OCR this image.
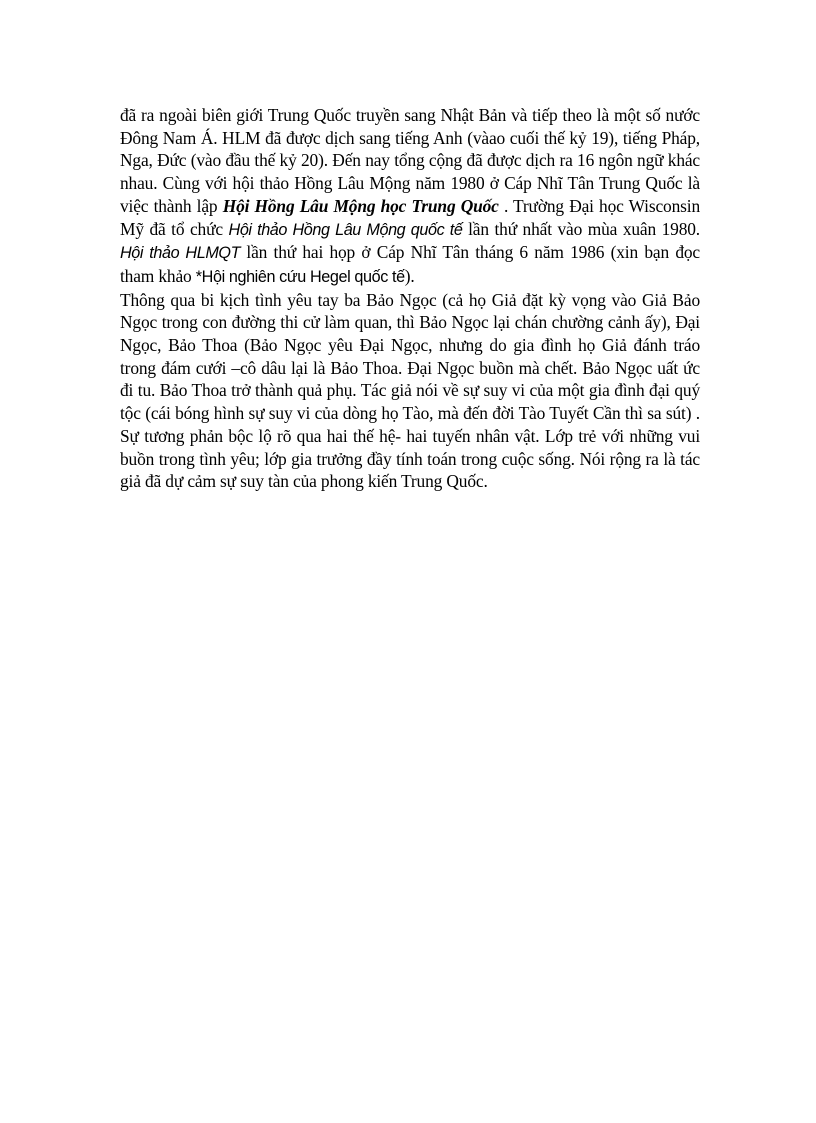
đã ra ngoài biên giới Trung Quốc truyền sang Nhật Bản và tiếp theo là một số nước Đông Nam Á. HLM đã được dịch sang tiếng Anh (vàao cuối thế kỷ 19), tiếng Pháp, Nga, Đức (vào đầu thế kỷ 20). Đến nay tổng cộng đã được dịch ra 16 ngôn ngữ khác nhau. Cùng với hội thảo Hồng Lâu Mộng năm 1980 ở Cáp Nhĩ Tân Trung Quốc là việc thành lập Hội Hồng Lâu Mộng học Trung Quốc . Trường Đại học Wisconsin Mỹ đã tổ chức Hội thảo Hồng Lâu Mộng quốc tế lần thứ nhất vào mùa xuân 1980. Hội thảo HLMQT lần thứ hai họp ở Cáp Nhĩ Tân tháng 6 năm 1986 (xin bạn đọc tham khảo *Hội nghiên cứu Hegel quốc tế).

Thông qua bi kịch tình yêu tay ba Bảo Ngọc (cả họ Giả đặt kỳ vọng vào Giả Bảo Ngọc trong con đường thi cử làm quan, thì Bảo Ngọc lại chán chường cảnh ấy), Đại Ngọc, Bảo Thoa (Bảo Ngọc yêu Đại Ngọc, nhưng do gia đình họ Giả đánh tráo trong đám cưới –cô dâu lại là Bảo Thoa. Đại Ngọc buồn mà chết. Bảo Ngọc uất ức đi tu. Bảo Thoa trở thành quả phụ. Tác giả nói về sự suy vi của một gia đình đại quý tộc (cái bóng hình sự suy vi của dòng họ Tào, mà đến đời Tào Tuyết Cần thì sa sút) . Sự tương phản bộc lộ rõ qua hai thế hệ- hai tuyến nhân vật. Lớp trẻ với những vui buồn trong tình yêu; lớp gia trưởng đầy tính toán trong cuộc sống. Nói rộng ra là tác giả đã dự cảm sự suy tàn của phong kiến Trung Quốc.
